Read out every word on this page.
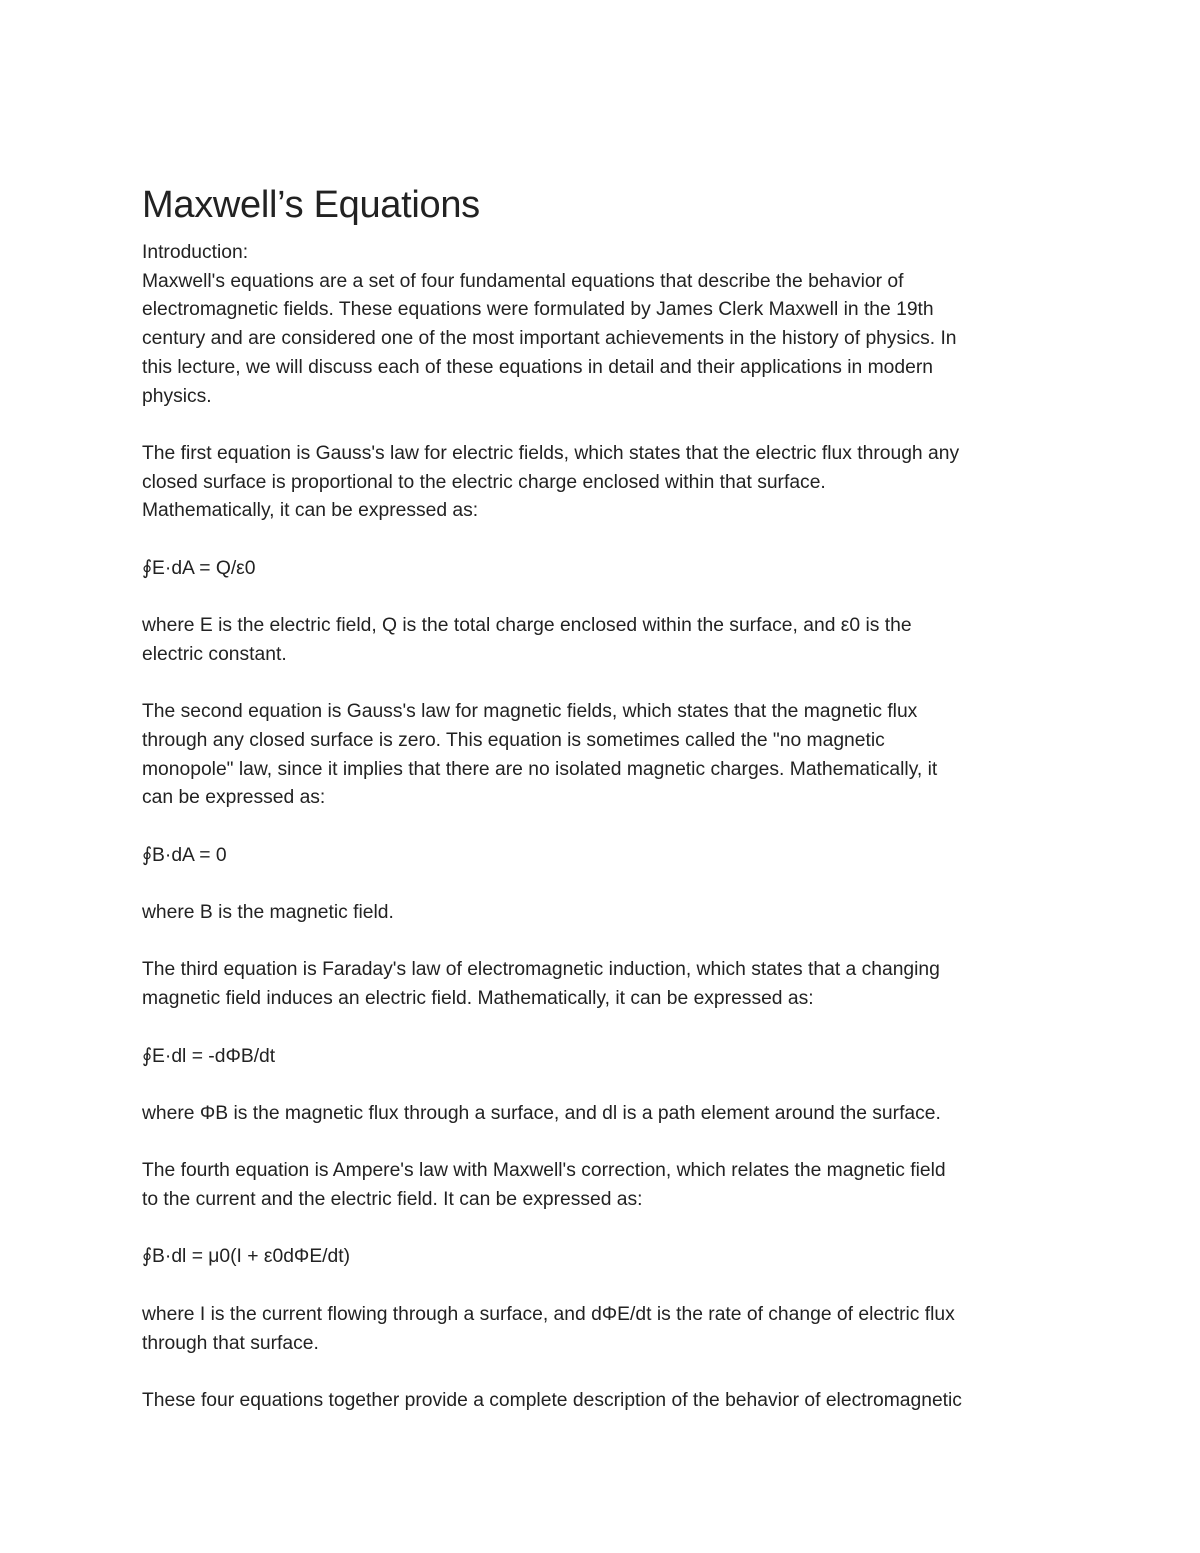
Maxwell’s Equations
Introduction:
Maxwell's equations are a set of four fundamental equations that describe the behavior of
electromagnetic fields. These equations were formulated by James Clerk Maxwell in the 19th
century and are considered one of the most important achievements in the history of physics. In
this lecture, we will discuss each of these equations in detail and their applications in modern
physics.
The first equation is Gauss's law for electric fields, which states that the electric flux through any
closed surface is proportional to the electric charge enclosed within that surface.
Mathematically, it can be expressed as:
∮E·dA = Q/ε0
where E is the electric field, Q is the total charge enclosed within the surface, and ε0 is the
electric constant.
The second equation is Gauss's law for magnetic fields, which states that the magnetic flux
through any closed surface is zero. This equation is sometimes called the "no magnetic
monopole" law, since it implies that there are no isolated magnetic charges. Mathematically, it
can be expressed as:
∮B·dA = 0
where B is the magnetic field.
The third equation is Faraday's law of electromagnetic induction, which states that a changing
magnetic field induces an electric field. Mathematically, it can be expressed as:
∮E·dl = -dΦB/dt
where ΦB is the magnetic flux through a surface, and dl is a path element around the surface.
The fourth equation is Ampere's law with Maxwell's correction, which relates the magnetic field
to the current and the electric field. It can be expressed as:
∮B·dl = μ0(I + ε0dΦE/dt)
where I is the current flowing through a surface, and dΦE/dt is the rate of change of electric flux
through that surface.
These four equations together provide a complete description of the behavior of electromagnetic
